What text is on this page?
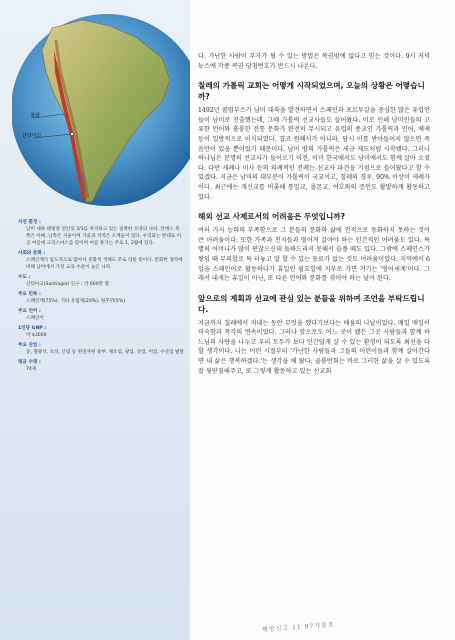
칠레
산티아고
자연 환경 :
남미 대륙 태평양 연안의 2/3를 차지하고 있는 길쭉한 모양의 나라. 안데스 북쪽은 아메, 남쪽은 겨울이며 가을과 지역은 소재들이 있다. 우리와는 반대로 이곳 여름에 크리스마스를 맞이며 여름 휴가는 주로 1, 2월에 있다.
사회와 문화 :
스페인계가 압도적으로 많아서 문화적 색채도 주로 라틴 풍이다. 문화한 생각에 비해 남미에서 가장 교육 수준이 높은 나라.
수도 :
산티아고(Santiago)/ 인구 : 약 600만 명
주요 민족 :
스페인계(75%), 기타 유럽계(20%), 원주민(5%)
주요 언어 :
스페인어
1인당 GNP :
약 $3000
주요 산업 :
동, 철광석, 초석, 산림 등 천연자원 풍부. 제조업, 광업, 상업, 어업, 수산업 발달
평균 수명 :
74세

다. 가난한 사람이 부자가 될 수 있는 방법은 복권밖에 없다고 믿는 것이다. 9시 저녁 뉴스에 각종 복권 당첨번호가 반드시 나온다.

칠레의 가톨릭 교회는 어떻게 시작되었으며, 오늘의 상황은 어떻습니까?

1492년 콜럼부스가 남미 대륙을 발견하면서 스페인과 포르투갈을 중심한 많은 유럽인들이 남미로 진출했는데, 그때 가톨릭 선교사들도 들어왔다. 이로 인해 남미인들의 고유한 언어와 훌륭한 전통 문화가 완전히 무시되고 유럽의 종교인 가톨릭과 언어, 체제 등이 일방적으로 이식되었다. 결코 원해서가 아니라, 당시 이를 받아들이지 않으면 죽음만이 있을 뿐이었기 때문이다. 남미 땅의 가톨릭은 세금 제도처럼 시작됐다. 그러나 하나님은 분명히 선교사가 들어오기 이전, 이미 한국에서도 남미에서도 함께 살아 오셨다. 다만 세례나 미사 등의 의례적인 전례는 선교사 파견을 기점으로 들어왔다고 할 수 있겠다. 지금은 남미의 대부분이 가톨릭이 국교이고, 칠레의 경우, 90% 이상이 세례자이다. 최근에는 개신교를 비롯해 통일교, 몰몬교, 여호와의 증인도 활발하게 활동하고 있다.

해외 선교 사제로서의 어려움은 무엇입니까?

여러 가지 능력의 부족함으로 그 분들의 문화와 삶에 전적으로 동화하지 못하는 것이 큰 어려움이다. 또한 가족과 친지들과 떨어져 살아야 하는 인간적인 어려움도 있다. 특별히 어머니가 많이 편찮으신데 돌봐드리지 못해서 슬플 때도 있다. 그밖에 스페인스가 쌓임 때 무의할로 특 터놓고 말 할 수 있는 동료가 없는 것도 어려움이었다. 지역에서 6일을 스페인어로 활동하다가 휴일인 월요일에 지부로 가면 거기는 '영어세계'이다. 그래서 내게는 휴일이 아닌, 또 다른 언어와 문화를 겪어야 하는 날이 된다.

앞으로의 계획과 선교에 관심 있는 분들을 위하여 조언을 부탁드립니다.

지금까지 칠레에서 지내는 동안 무엇을 했다기보다는 배움의 나날이었다. 매일 매일이 미숙함과 착각의 연속이었다. 그러나 앞으로도 어느 곳이 됐든 그곳 사람들과 함께 하느님의 사랑을 나누고 우리 모두가 보다 인간답게 살 수 있는 환경이 되도록 최선을 다할 생각이다. 나는 어린 시절부터 '가난한 사람들과 그들의 어린이들과 함께 살아간다면 내 삶은 행복하겠다.'는 생각을 해 왔다. 골룸반회는 바로 그러한 삶을 살 수 있도록 잘 뒷받침해주고, 또 그렇게 활동하고 있는 선교회

해방신고 11 97가을호
